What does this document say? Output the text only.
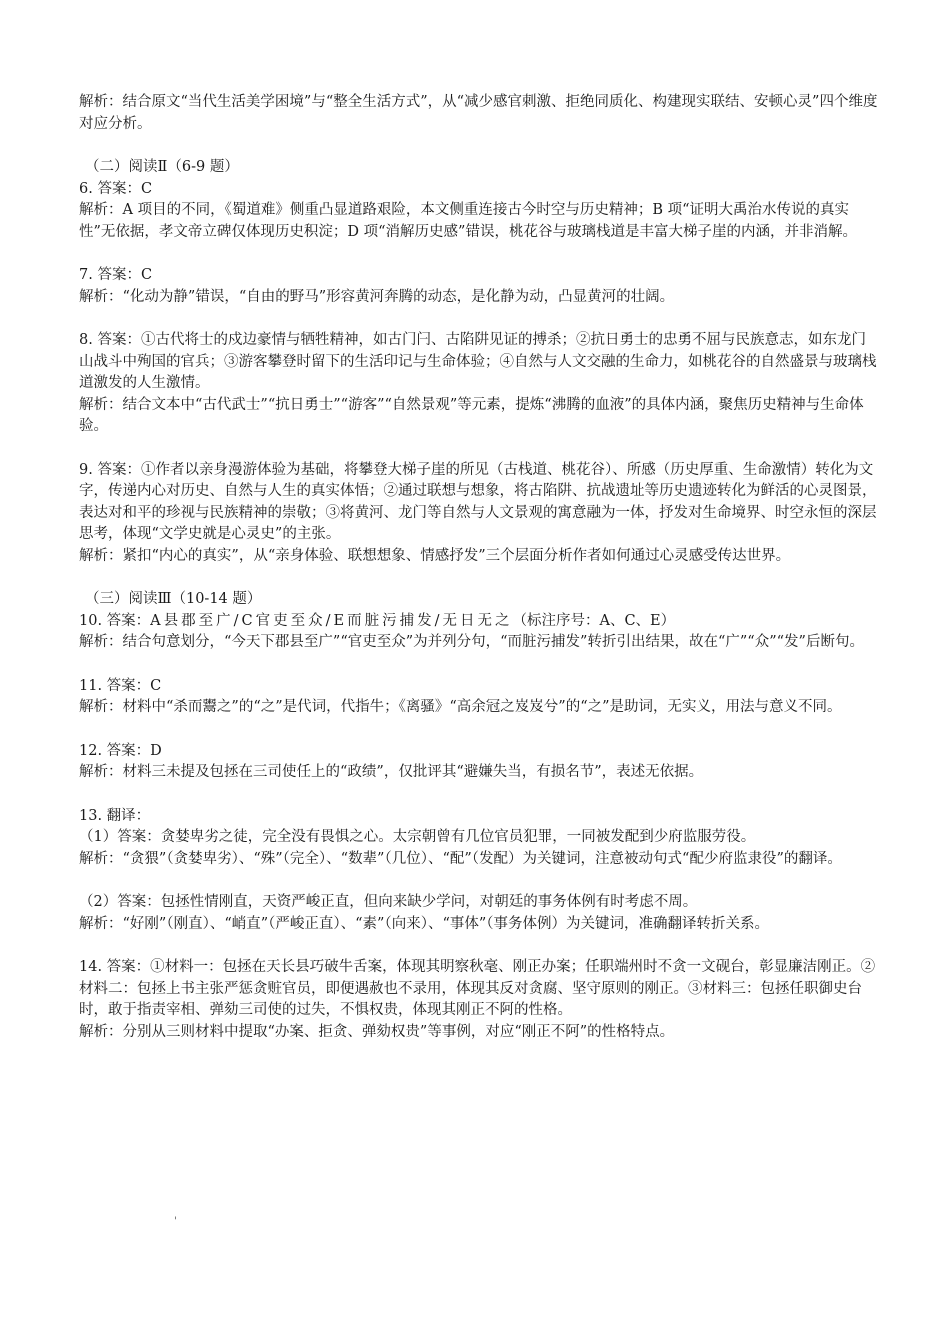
解析：结合原文“当代生活美学困境”与“整全生活方式”，从“减少感官刺激、拒绝同质化、构建现实联结、安顿心灵”四个维度对应分析。

（二）阅读Ⅱ（6-9 题）

6. 答案：C

解析：A 项目的不同，《蜀道难》侧重凸显道路艰险，本文侧重连接古今时空与历史精神；B 项“证明大禹治水传说的真实性”无依据，孝文帝立碑仅体现历史积淀；D 项“消解历史感”错误，桃花谷与玻璃栈道是丰富大梯子崖的内涵，并非消解。

7. 答案：C

解析：“化动为静”错误，“自由的野马”形容黄河奔腾的动态，是化静为动，凸显黄河的壮阔。

8. 答案：①古代将士的戍边豪情与牺牲精神，如古门闩、古陷阱见证的搏杀；②抗日勇士的忠勇不屈与民族意志，如东龙门山战斗中殉国的官兵；③游客攀登时留下的生活印记与生命体验；④自然与人文交融的生命力，如桃花谷的自然盛景与玻璃栈道激发的人生激情。

解析：结合文本中“古代武士”“抗日勇士”“游客”“自然景观”等元素，提炼“沸腾的血液”的具体内涵，聚焦历史精神与生命体验。

9. 答案：①作者以亲身漫游体验为基础，将攀登大梯子崖的所见（古栈道、桃花谷）、所感（历史厚重、生命激情）转化为文字，传递内心对历史、自然与人生的真实体悟；②通过联想与想象，将古陷阱、抗战遗址等历史遗迹转化为鲜活的心灵图景，表达对和平的珍视与民族精神的崇敬；③将黄河、龙门等自然与人文景观的寓意融为一体，抒发对生命境界、时空永恒的深层思考，体现“文学史就是心灵史”的主张。

解析：紧扣“内心的真实”，从“亲身体验、联想想象、情感抒发”三个层面分析作者如何通过心灵感受传达世界。

（三）阅读Ⅲ（10-14 题）

10. 答案：A县郡至广/C官吏至众/E而脏污捕发/无日无之（标注序号：A、C、E）

解析：结合句意划分，“今天下郡县至广”“官吏至众”为并列分句，“而脏污捕发”转折引出结果，故在“广”“众”“发”后断句。

11. 答案：C

解析：材料中“杀而鬻之”的“之”是代词，代指牛；《离骚》“高余冠之岌岌兮”的“之”是助词，无实义，用法与意义不同。

12. 答案：D

解析：材料三未提及包拯在三司使任上的“政绩”，仅批评其“避嫌失当，有损名节”，表述无依据。

13. 翻译：

（1）答案：贪婪卑劣之徒，完全没有畏惧之心。太宗朝曾有几位官员犯罪，一同被发配到少府监服劳役。

解析：“贪猥”（贪婪卑劣）、“殊”（完全）、“数辈”（几位）、“配”（发配）为关键词，注意被动句式“配少府监隶役”的翻译。

（2）答案：包拯性情刚直，天资严峻正直，但向来缺少学问，对朝廷的事务体例有时考虑不周。

解析：“好刚”（刚直）、“峭直”（严峻正直）、“素”（向来）、“事体”（事务体例）为关键词，准确翻译转折关系。

14. 答案：①材料一：包拯在天长县巧破牛舌案，体现其明察秋毫、刚正办案；任职端州时不贪一文砚台，彰显廉洁刚正。②材料二：包拯上书主张严惩贪赃官员，即便遇赦也不录用，体现其反对贪腐、坚守原则的刚正。③材料三：包拯任职御史台时，敢于指责宰相、弹劾三司使的过失，不惧权贵，体现其刚正不阿的性格。

解析：分别从三则材料中提取“办案、拒贪、弹劾权贵”等事例，对应“刚正不阿”的性格特点。

'
